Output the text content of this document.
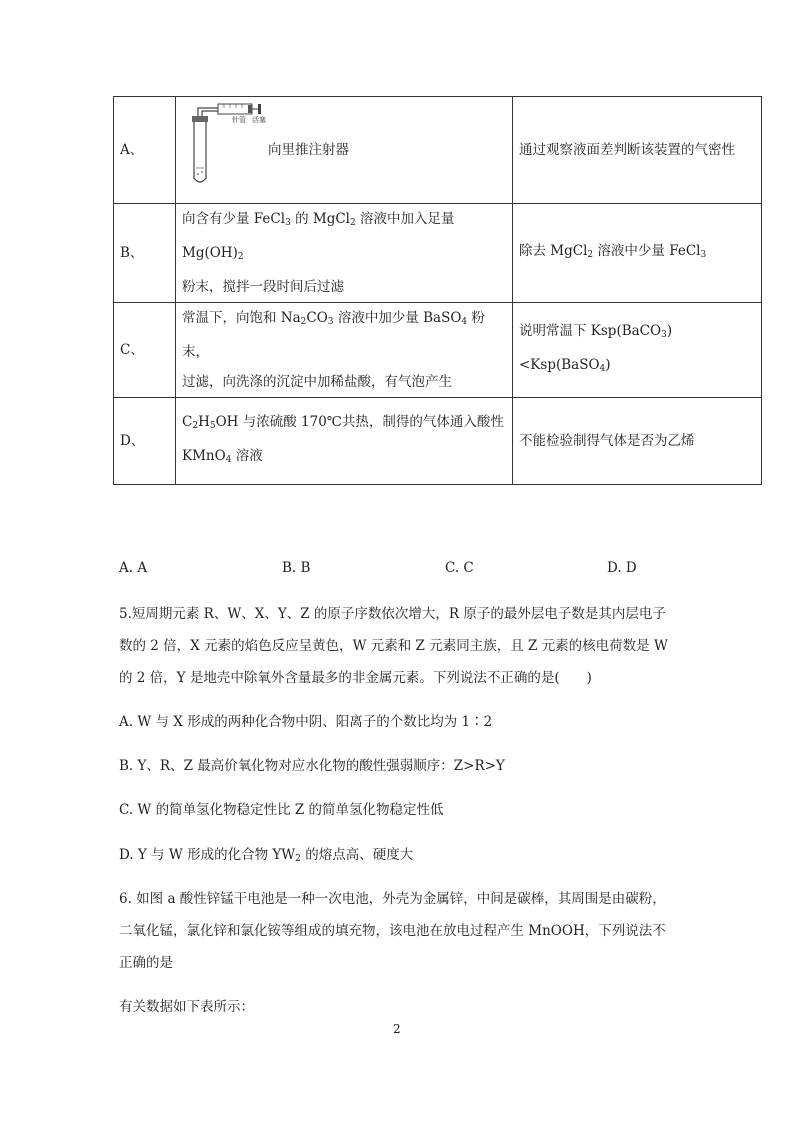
A、	向里推注射器	通过观察液面差判断该装置的气密性
B、	向含有少量 FeCl$_3$ 的 MgCl$_2$ 溶液中加入足量 $Mg(OH)_2$
粉末，搅拌一段时间后过滤	除去 MgCl$_2$ 溶液中少量 FeCl$_3$
C、	常温下，向饱和 $Na_2CO_3$ 溶液中加少量 BaSO$_4$ 粉末，
过滤，向洗涤的沉淀中加稀盐酸，有气泡产生	说明常温下 Ksp(BaCO$_3$)<Ksp(BaSO$_4$)
D、	$C_2H_5OH$ 与浓硫酸 170℃共热，制得的气体通入酸性
KMnO$_4$ 溶液	不能检验制得气体是否为乙烯
针管 活塞
A. A	B. B	C. C	D. D
5.短周期元素 R、W、X、Y、Z 的原子序数依次增大，R 原子的最外层电子数是其内层电子
数的 2 倍，X 元素的焰色反应呈黄色，W 元素和 Z 元素同主族，且 Z 元素的核电荷数是 W
的 2 倍，Y 是地壳中除氧外含量最多的非金属元素。下列说法不正确的是(　　)
A. W 与 X 形成的两种化合物中阴、阳离子的个数比均为 1∶2
B. Y、R、Z 最高价氧化物对应水化物的酸性强弱顺序：Z>R>Y
C. W 的简单氢化物稳定性比 Z 的简单氢化物稳定性低
D. Y 与 W 形成的化合物 $YW_2$ 的熔点高、硬度大
6. 如图 a 酸性锌锰干电池是一种一次电池，外壳为金属锌，中间是碳棒，其周围是由碳粉，
二氧化锰，氯化锌和氯化铵等组成的填充物，该电池在放电过程产生 MnOOH，下列说法不
正确的是
有关数据如下表所示：
2
